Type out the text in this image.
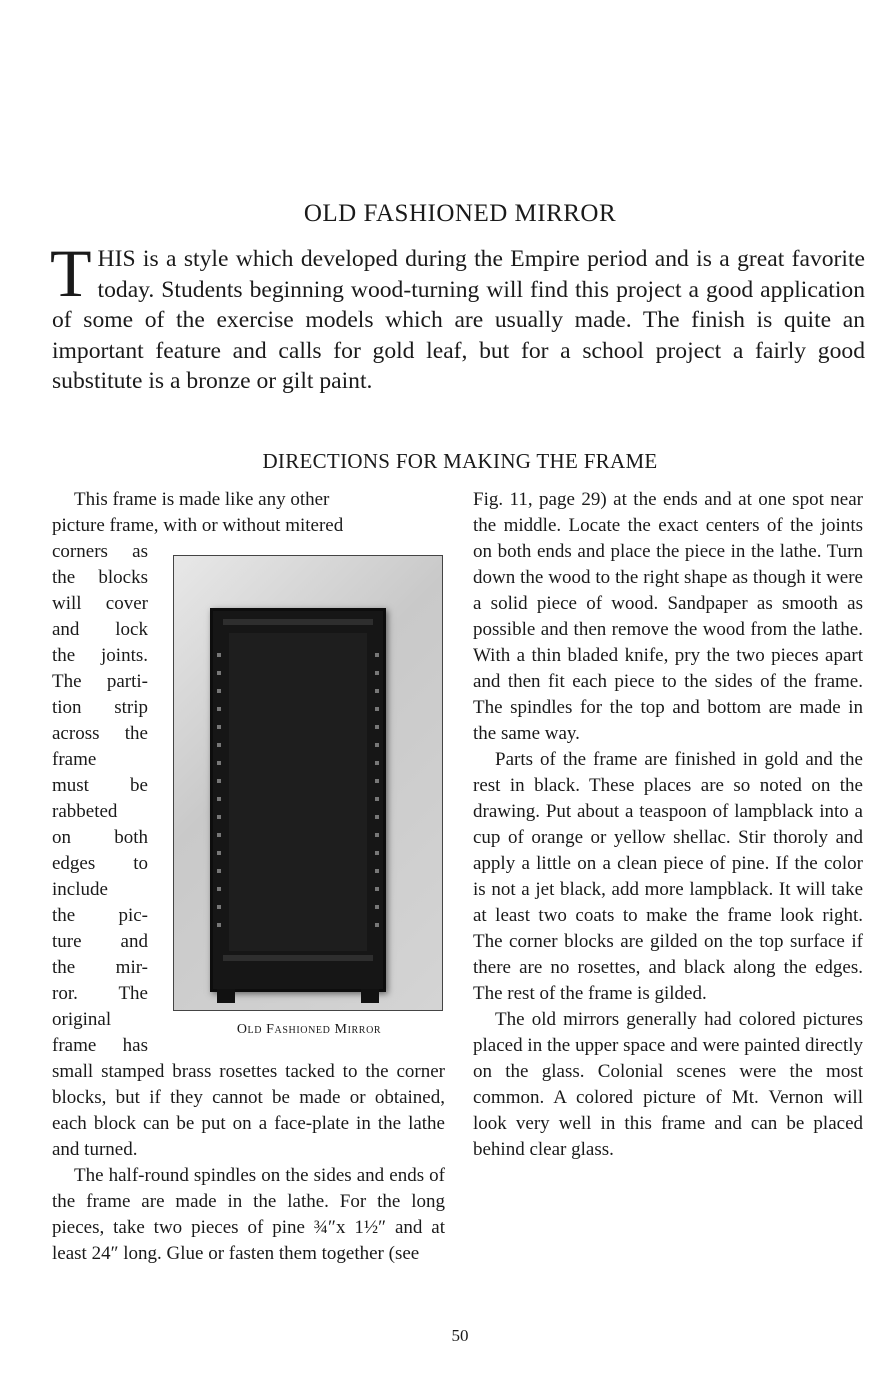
OLD FASHIONED MIRROR
THIS is a style which developed during the Empire period and is a great favorite today. Students beginning wood-turning will find this project a good application of some of the exercise models which are usually made. The finish is quite an important feature and calls for gold leaf, but for a school project a fairly good substitute is a bronze or gilt paint.
DIRECTIONS FOR MAKING THE FRAME

This frame is made like any other

picture frame, with or without mitered

Old Fashioned Mirror
corners as
the blocks
will cover
and lock
the joints.
The parti-
tion strip
across the
frame
must be
rabbeted
on both
edges to
include
the pic-
ture and
the mir-
ror. The
original
frame has

small stamped brass rosettes tacked to the corner blocks, but if they cannot be made or obtained, each block can be put on a face-plate in the lathe and turned.

The half-round spindles on the sides and ends of the frame are made in the lathe. For the long pieces, take two pieces of pine ¾″x 1½″ and at least 24″ long. Glue or fasten them together (see

Fig. 11, page 29) at the ends and at one spot near the middle. Locate the exact centers of the joints on both ends and place the piece in the lathe. Turn down the wood to the right shape as though it were a solid piece of wood. Sandpaper as smooth as possible and then remove the wood from the lathe. With a thin bladed knife, pry the two pieces apart and then fit each piece to the sides of the frame. The spindles for the top and bottom are made in the same way.

Parts of the frame are finished in gold and the rest in black. These places are so noted on the drawing. Put about a teaspoon of lampblack into a cup of orange or yellow shellac. Stir thoroly and apply a little on a clean piece of pine. If the color is not a jet black, add more lampblack. It will take at least two coats to make the frame look right. The corner blocks are gilded on the top surface if there are no rosettes, and black along the edges. The rest of the frame is gilded.

The old mirrors generally had colored pictures placed in the upper space and were painted directly on the glass. Colonial scenes were the most common. A colored picture of Mt. Vernon will look very well in this frame and can be placed behind clear glass.

50
